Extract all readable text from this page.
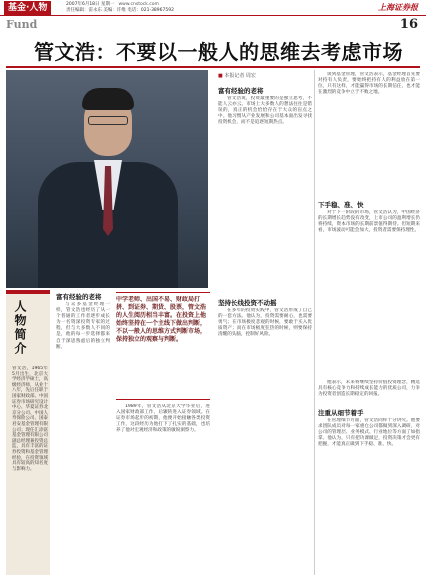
基金·人物	2007年6月18日 星期一 www.cnstock.com
责任编辑：雷永东 美编：许维 电话：021-38967592	上海证券报
Fund	16
管文浩：不要以一般人的思维去考虑市场
人物简介
管文浩，1965年5月出生，北京大学经济学硕士，高级经济师，从业十八年，先后任职于国家财政部、中国证券市场研究设计中心、华夏证券北京分公司、中国人寿保险公司、国泰君安基金管理有限公司；现任汇添富基金管理有限公司副总经理兼投资总监，具有丰富的证券投资和基金管理经验，在投资领域具有较高的知名度与影响力。
富有经验的老将
与众多基金经理一样，管文浩也经历了从一个普通的工作者逐步成长为一名资深投资专家的过程，但与大多数人不同的是，他的每一步选择都来自于深思熟虑后的独立判断。
中学老师、出国不易、财政局打拼、到证券、期货、股票，管文浩的人生阅历相当丰富。在投资上他始终坚持在一个主线下做出判断，不以一般人的思维方式判断市场，保持独立的观察与判断。
1989年，管文浩从北京大学毕业后，进入国家财政部工作，后辗转进入证券领域。在证券市场起步的初期，他便开始接触各类投资工作，这段经历为他打下了扎实的基础，也培养了他对宏观经济和政策的敏锐洞察力。
■ 本报记者 周宏
富有经验的老将
管文浩说，投资最重要的是独立思考，不能人云亦云。市场上大多数人的想法往往是错误的，真正的机会恰恰存在于大众的盲点之中。他习惯从产业发展和公司基本面出发寻找投资机会，而不是追逐短期热点。
坚持长线投资不动摇
在多年的投资实践中，管文浩形成了自己的一套方法。他认为，投资需要耐心，也需要勇气；在市场极度悲观的时候，要敢于买入优质资产；而在市场极度狂热的时候，则要保持清醒的头脑，控制好风险。
谈到基金管理，管文浩表示，基金经理首先要对持有人负责，要始终把持有人的利益放在第一位。只有这样，才能赢得市场的长期信任，也才能在激烈的竞争中立于不败之地。
下手稳、准、快
对于下一阶段的市场，管文浩认为，中国经济的长期增长趋势没有改变，上市公司的盈利增长仍将持续，资本市场的长期前景值得期待。但短期来看，市场波动可能会加大，投资者需要保持理性。
他表示，未来将继续坚持价值投资理念，精选具有核心竞争力和持续成长能力的优质公司，力争为投资者创造长期稳定的回报。
注重从细节着手
在管理细节方面，管文浩同样十分讲究。他要求团队成员对每一家重仓公司都做到深入调研，对公司的管理层、业务模式、行业地位等方面了如指掌。他认为，只有把功课做足，投资决策才会更有把握，才能真正做到下手稳、准、快。
